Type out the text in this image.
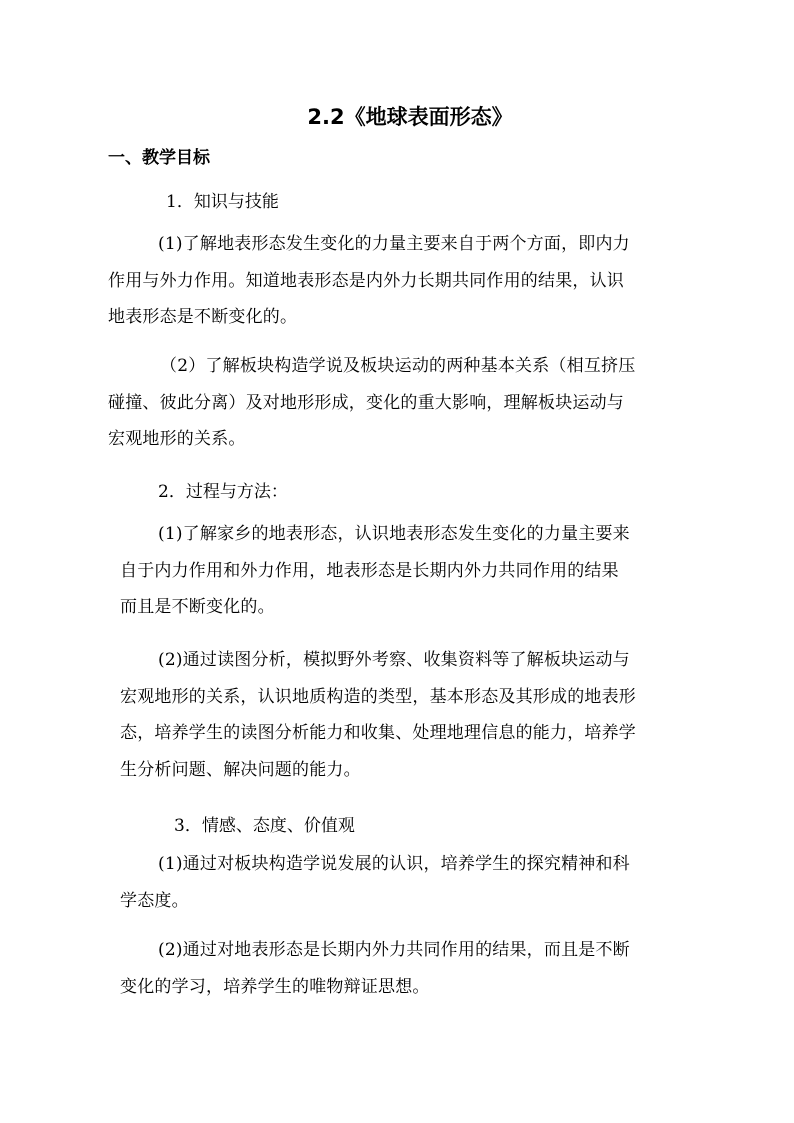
2.2《地球表面形态》
一、教学目标
1．知识与技能
(1)了解地表形态发生变化的力量主要来自于两个方面，即内力
作用与外力作用。知道地表形态是内外力长期共同作用的结果，认识
地表形态是不断变化的。
（2）了解板块构造学说及板块运动的两种基本关系（相互挤压
碰撞、彼此分离）及对地形形成，变化的重大影响，理解板块运动与
宏观地形的关系。
2．过程与方法：
(1)了解家乡的地表形态，认识地表形态发生变化的力量主要来
自于内力作用和外力作用，地表形态是长期内外力共同作用的结果
而且是不断变化的。
(2)通过读图分析，模拟野外考察、收集资料等了解板块运动与
宏观地形的关系，认识地质构造的类型，基本形态及其形成的地表形
态，培养学生的读图分析能力和收集、处理地理信息的能力，培养学
生分析问题、解决问题的能力。
3．情感、态度、价值观
(1)通过对板块构造学说发展的认识，培养学生的探究精神和科
学态度。
(2)通过对地表形态是长期内外力共同作用的结果，而且是不断
变化的学习，培养学生的唯物辩证思想。
